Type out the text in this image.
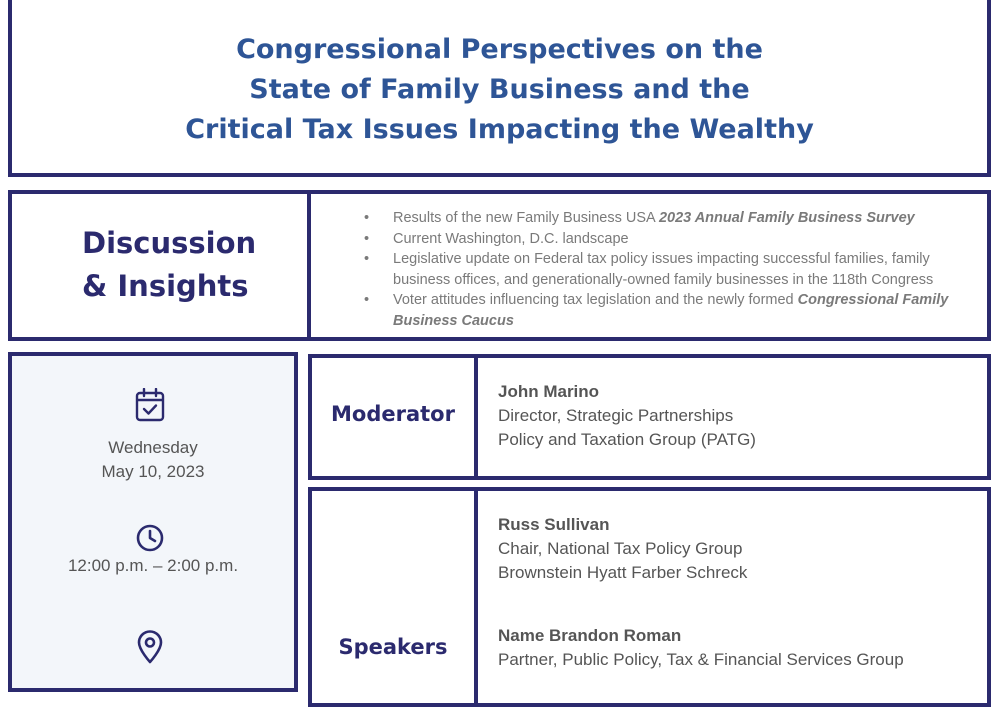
Congressional Perspectives on the
State of Family Business and the
Critical Tax Issues Impacting the Wealthy
Discussion
& Insights
• Results of the new Family Business USA 2023 Annual Family Business Survey
• Current Washington, D.C. landscape
• Legislative update on Federal tax policy issues impacting successful families, family business offices, and generationally-owned family businesses in the 118th Congress
• Voter attitudes influencing tax legislation and the newly formed Congressional Family Business Caucus
Wednesday
May 10, 2023
12:00 p.m. – 2:00 p.m.
Moderator
John Marino
Director, Strategic Partnerships
Policy and Taxation Group (PATG)
Speakers
Russ Sullivan
Chair, National Tax Policy Group
Brownstein Hyatt Farber Schreck
Name Brandon Roman
Partner, Public Policy, Tax & Financial Services Group
